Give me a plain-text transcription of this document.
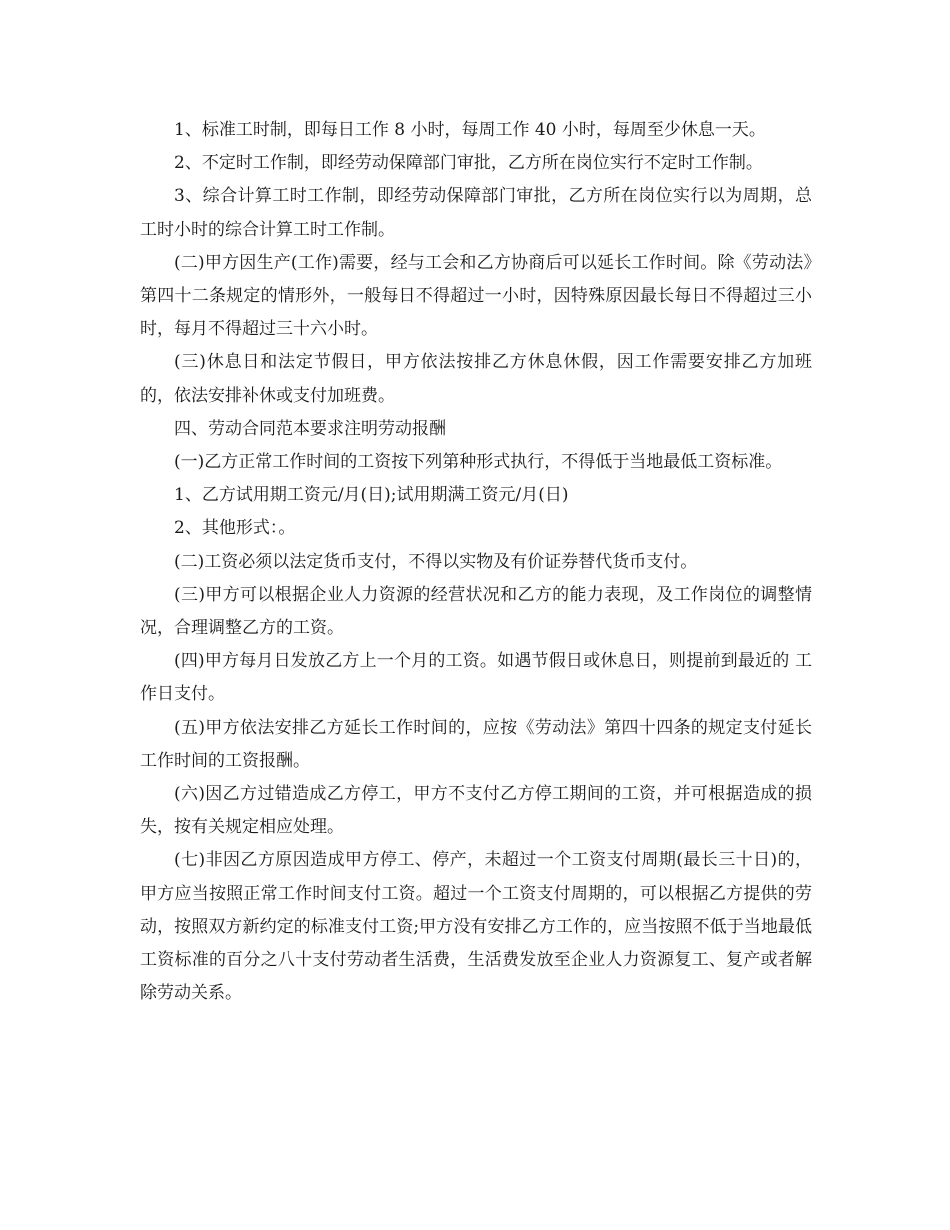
1、标准工时制，即每日工作 8 小时，每周工作 40 小时，每周至少休息一天。

2、不定时工作制，即经劳动保障部门审批，乙方所在岗位实行不定时工作制。

3、综合计算工时工作制，即经劳动保障部门审批，乙方所在岗位实行以为周期，总工时小时的综合计算工时工作制。

(二)甲方因生产(工作)需要，经与工会和乙方协商后可以延长工作时间。除《劳动法》第四十二条规定的情形外，一般每日不得超过一小时，因特殊原因最长每日不得超过三小时，每月不得超过三十六小时。

(三)休息日和法定节假日，甲方依法按排乙方休息休假，因工作需要安排乙方加班的，依法安排补休或支付加班费。

四、劳动合同范本要求注明劳动报酬

(一)乙方正常工作时间的工资按下列第种形式执行，不得低于当地最低工资标准。

1、乙方试用期工资元/月(日);试用期满工资元/月(日)

2、其他形式：。

(二)工资必须以法定货币支付，不得以实物及有价证券替代货币支付。

(三)甲方可以根据企业人力资源的经营状况和乙方的能力表现，及工作岗位的调整情况，合理调整乙方的工资。

(四)甲方每月日发放乙方上一个月的工资。如遇节假日或休息日，则提前到最近的 工作日支付。

(五)甲方依法安排乙方延长工作时间的，应按《劳动法》第四十四条的规定支付延长工作时间的工资报酬。

(六)因乙方过错造成乙方停工，甲方不支付乙方停工期间的工资，并可根据造成的损失，按有关规定相应处理。

(七)非因乙方原因造成甲方停工、停产，未超过一个工资支付周期(最长三十日)的，甲方应当按照正常工作时间支付工资。超过一个工资支付周期的，可以根据乙方提供的劳动，按照双方新约定的标准支付工资;甲方没有安排乙方工作的，应当按照不低于当地最低工资标准的百分之八十支付劳动者生活费，生活费发放至企业人力资源复工、复产或者解除劳动关系。
